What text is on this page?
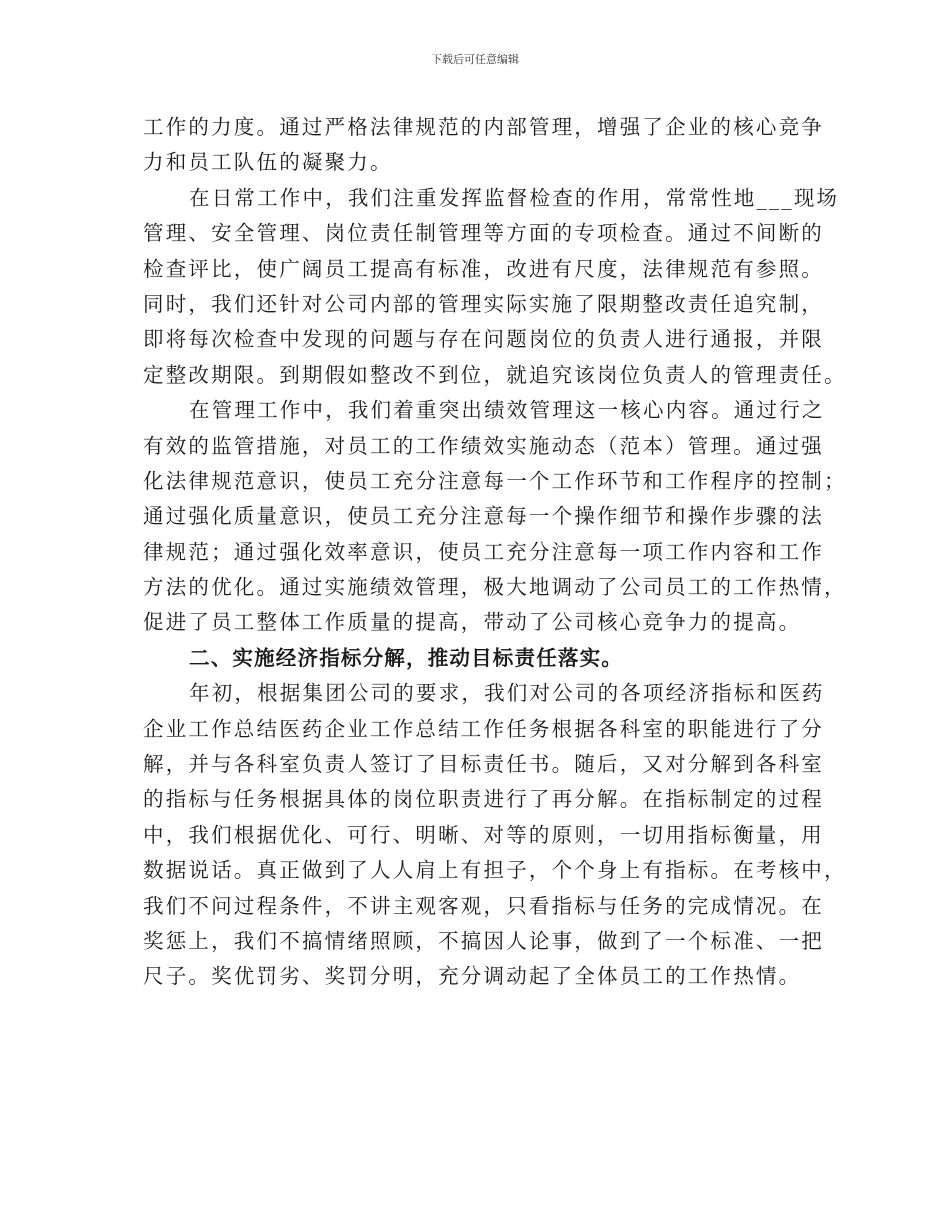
下载后可任意编辑
工作的力度。通过严格法律规范的内部管理，增强了企业的核心竞争
力和员工队伍的凝聚力。
在日常工作中，我们注重发挥监督检查的作用，常常性地___现场
管理、安全管理、岗位责任制管理等方面的专项检查。通过不间断的
检查评比，使广阔员工提高有标准，改进有尺度，法律规范有参照。
同时，我们还针对公司内部的管理实际实施了限期整改责任追究制，
即将每次检查中发现的问题与存在问题岗位的负责人进行通报，并限
定整改期限。到期假如整改不到位，就追究该岗位负责人的管理责任。
在管理工作中，我们着重突出绩效管理这一核心内容。通过行之
有效的监管措施，对员工的工作绩效实施动态（范本）管理。通过强
化法律规范意识，使员工充分注意每一个工作环节和工作程序的控制；
通过强化质量意识，使员工充分注意每一个操作细节和操作步骤的法
律规范；通过强化效率意识，使员工充分注意每一项工作内容和工作
方法的优化。通过实施绩效管理，极大地调动了公司员工的工作热情，
促进了员工整体工作质量的提高，带动了公司核心竞争力的提高。
二、实施经济指标分解，推动目标责任落实。
年初，根据集团公司的要求，我们对公司的各项经济指标和医药
企业工作总结医药企业工作总结工作任务根据各科室的职能进行了分
解，并与各科室负责人签订了目标责任书。随后，又对分解到各科室
的指标与任务根据具体的岗位职责进行了再分解。在指标制定的过程
中，我们根据优化、可行、明晰、对等的原则，一切用指标衡量，用
数据说话。真正做到了人人肩上有担子，个个身上有指标。在考核中，
我们不问过程条件，不讲主观客观，只看指标与任务的完成情况。在
奖惩上，我们不搞情绪照顾，不搞因人论事，做到了一个标准、一把
尺子。奖优罚劣、奖罚分明，充分调动起了全体员工的工作热情。
